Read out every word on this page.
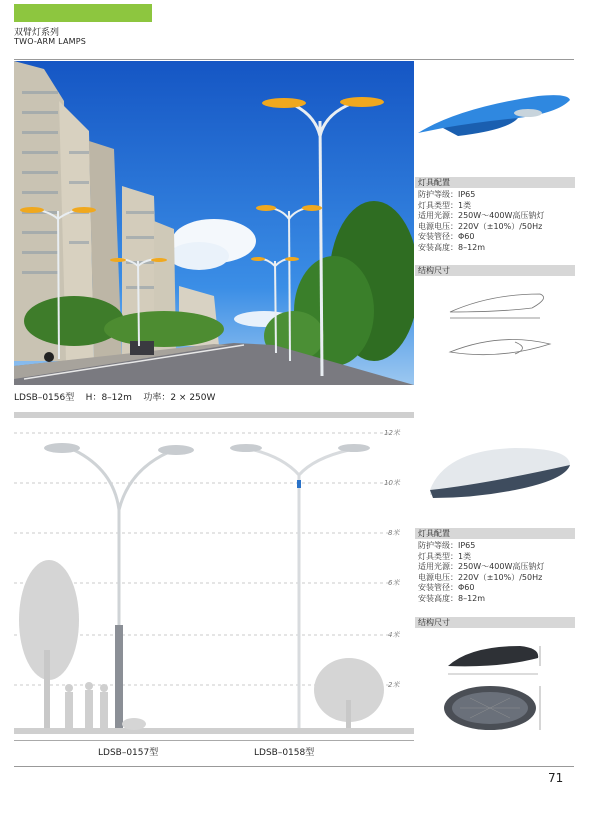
双臂灯系列
TWO-ARM LAMPS
灯具配置
防护等级：IP65
灯具类型：1类
适用光源：250W～400W高压钠灯
电源电压：220V（±10%）/50Hz
安装管径：Φ60
安装高度：8–12m
结构尺寸
LDSB–0156型    H：8–12m    功率：2 × 250W
12米
10米
8米
6米
4米
2米
灯具配置
防护等级：IP65
灯具类型：1类
适用光源：250W～400W高压钠灯
电源电压：220V（±10%）/50Hz
安装管径：Φ60
安装高度：8–12m
结构尺寸
LDSB–0157型	LDSB–0158型
71
